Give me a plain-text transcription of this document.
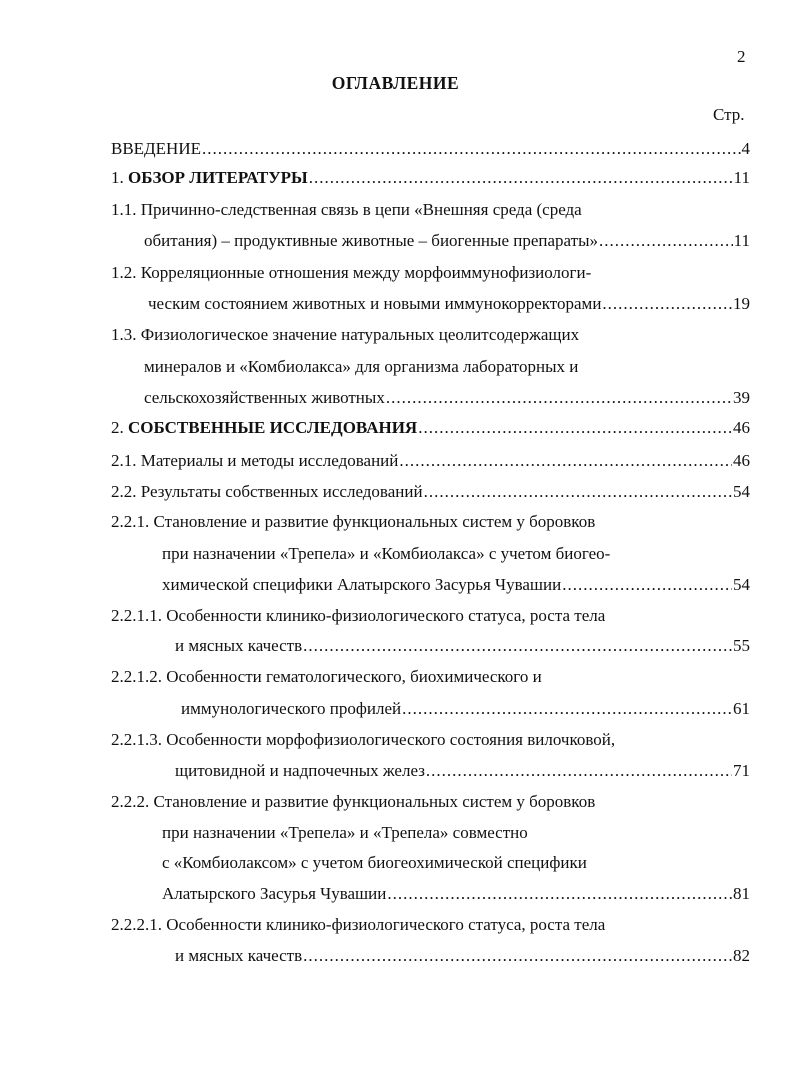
2
ОГЛАВЛЕНИЕ
Стр.
ВВЕДЕНИЕ .....	4
1. ОБЗОР ЛИТЕРАТУРЫ .....	11
1.1. Причинно-следственная связь в цепи «Внешняя среда (среда
обитания) – продуктивные животные – биогенные препараты» .....	11
1.2. Корреляционные отношения между морфоиммунофизиологи-
ческим состоянием животных и новыми иммунокорректорами .....	19
1.3. Физиологическое значение натуральных цеолитсодержащих
минералов и «Комбиолакса» для организма лабораторных и
сельскохозяйственных животных .....	39
2. СОБСТВЕННЫЕ ИССЛЕДОВАНИЯ .....	46
2.1. Материалы и методы исследований .....	46
2.2. Результаты собственных исследований .....	54
2.2.1. Становление и развитие функциональных систем у боровков
при назначении «Трепела» и «Комбиолакса» с учетом биогео-
химической специфики Алатырского Засурья Чувашии .....	54
2.2.1.1. Особенности клинико-физиологического статуса, роста тела
и мясных качеств .....	55
2.2.1.2. Особенности гематологического, биохимического и
иммунологического профилей .....	61
2.2.1.3. Особенности морфофизиологического состояния вилочковой,
щитовидной и надпочечных желез .....	71
2.2.2. Становление и развитие функциональных систем у боровков
при назначении «Трепела» и «Трепела» совместно
с «Комбиолаксом» с учетом биогеохимической специфики
Алатырского Засурья Чувашии .....	81
2.2.2.1. Особенности клинико-физиологического статуса, роста тела
и мясных качеств .....	82
